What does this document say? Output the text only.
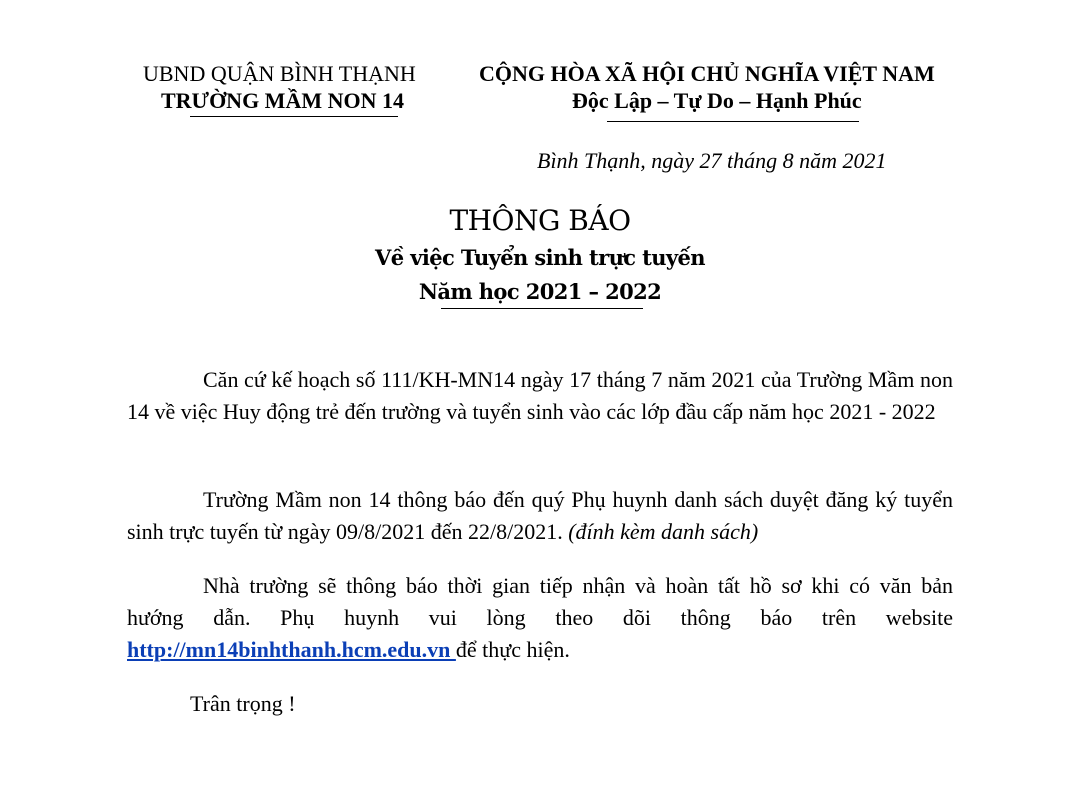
UBND QUẬN BÌNH THẠNH
TRƯỜNG MẦM NON 14
CỘNG HÒA XÃ HỘI CHỦ NGHĨA VIỆT NAM
Độc Lập – Tự Do – Hạnh Phúc
Bình Thạnh, ngày 27 tháng 8 năm 2021
THÔNG BÁO
Về việc Tuyển sinh trực tuyến
Năm học 2021 – 2022
Căn cứ kế hoạch số 111/KH-MN14 ngày 17 tháng 7 năm 2021 của Trường Mầm non 14 về việc Huy động trẻ đến trường và tuyển sinh vào các lớp đầu cấp năm học 2021 - 2022
Trường Mầm non 14 thông báo đến quý Phụ huynh danh sách duyệt đăng ký tuyển sinh trực tuyến từ ngày 09/8/2021 đến 22/8/2021. (đính kèm danh sách)
Nhà trường sẽ thông báo thời gian tiếp nhận và hoàn tất hồ sơ khi có văn bản
hướng dẫn. Phụ huynh vui lòng theo dõi thông báo trên website
http://mn14binhthanh.hcm.edu.vn để thực hiện.
Trân trọng !
